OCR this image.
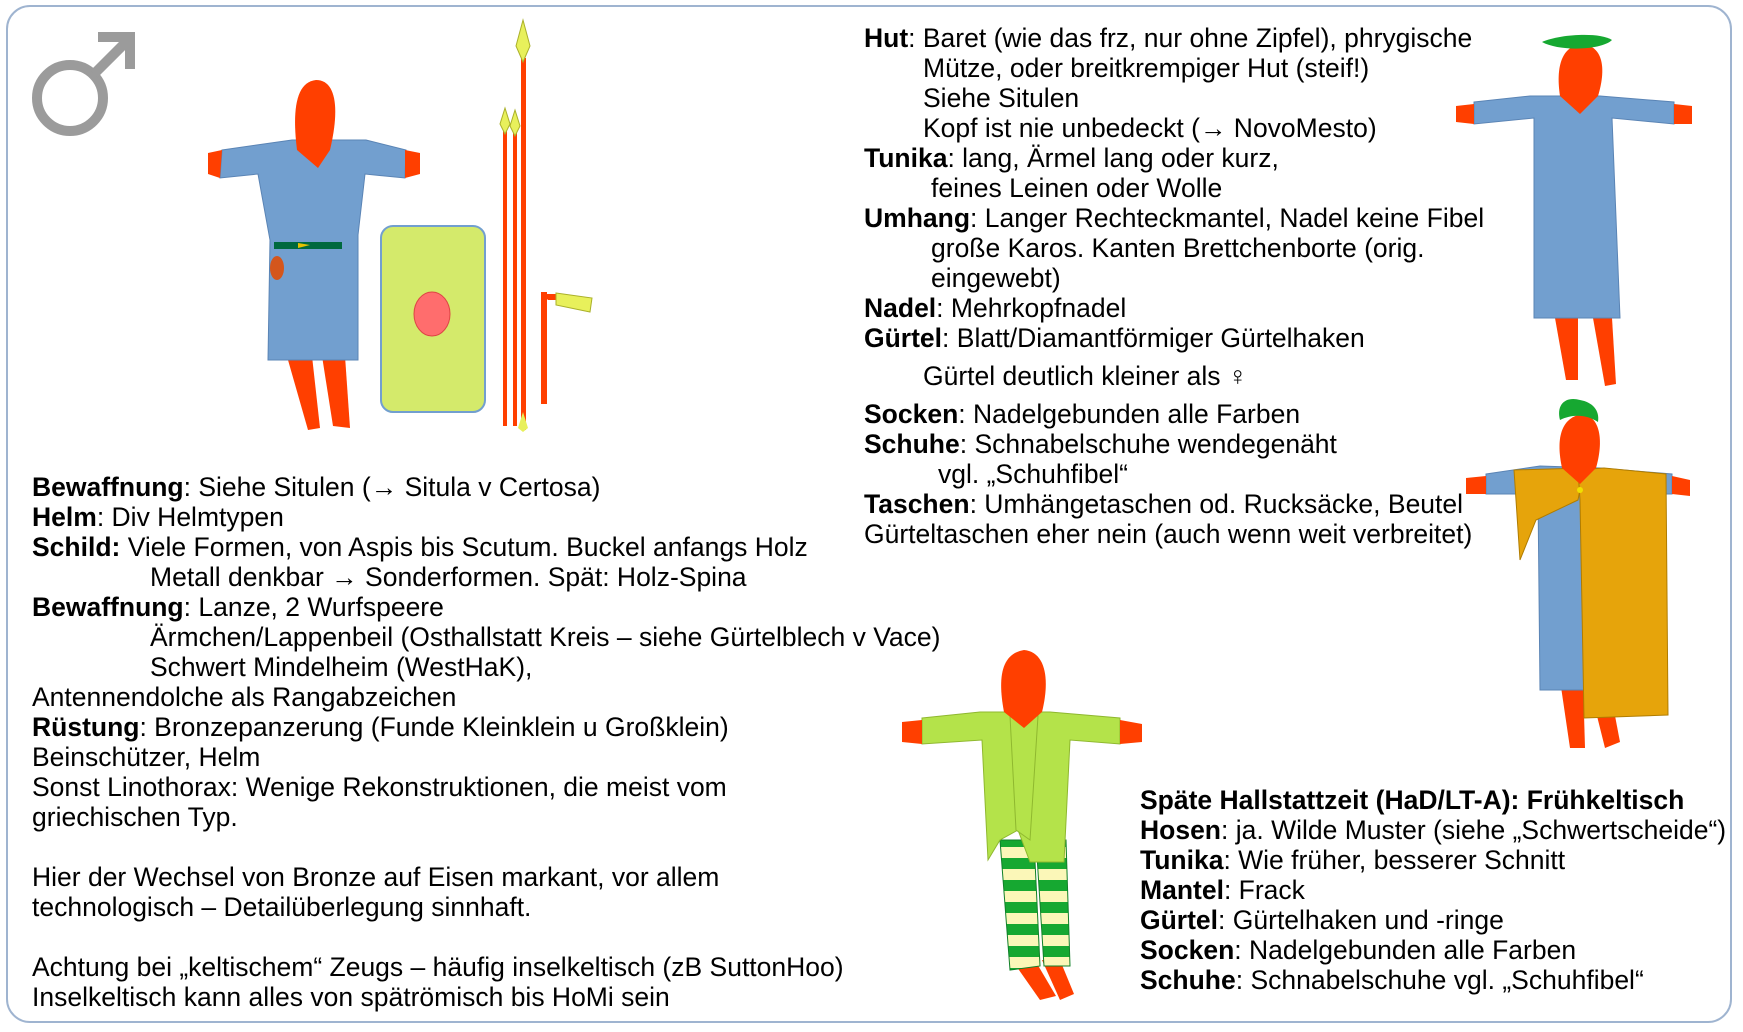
Hut: Baret (wie das frz, nur ohne Zipfel), phrygische
Mütze, oder breitkrempiger Hut (steif!)
Siehe Situlen
Kopf ist nie unbedeckt (→ NovoMesto)
Tunika: lang, Ärmel lang oder kurz,
feines Leinen oder Wolle
Umhang: Langer Rechteckmantel, Nadel keine Fibel
große Karos. Kanten Brettchenborte (orig.
eingewebt)
Nadel: Mehrkopfnadel
Gürtel: Blatt/Diamantförmiger Gürtelhaken
Gürtel deutlich kleiner als ♀
Socken: Nadelgebunden alle Farben
Schuhe: Schnabelschuhe wendegenäht
vgl. „Schuhfibel“
Taschen: Umhängetaschen od. Rucksäcke, Beutel
Gürteltaschen eher nein (auch wenn weit verbreitet)
Bewaffnung: Siehe Situlen (→ Situla v Certosa)
Helm: Div Helmtypen
Schild: Viele Formen, von Aspis bis Scutum. Buckel anfangs Holz
Metall denkbar → Sonderformen. Spät: Holz-Spina
Bewaffnung: Lanze, 2 Wurfspeere
Ärmchen/Lappenbeil (Osthallstatt Kreis – siehe Gürtelblech v Vace)
Schwert Mindelheim (WestHaK),
Antennendolche als Rangabzeichen
Rüstung: Bronzepanzerung (Funde Kleinklein u Großklein)
Beinschützer, Helm
Sonst Linothorax: Wenige Rekonstruktionen, die meist vom
griechischen Typ.
Hier der Wechsel von Bronze auf Eisen markant, vor allem
technologisch – Detailüberlegung sinnhaft.
Achtung bei „keltischem“ Zeugs – häufig inselkeltisch (zB SuttonHoo)
Inselkeltisch kann alles von spätrömisch bis HoMi sein
Späte Hallstattzeit (HaD/LT-A): Frühkeltisch
Hosen: ja. Wilde Muster (siehe „Schwertscheide“)
Tunika: Wie früher, besserer Schnitt
Mantel: Frack
Gürtel: Gürtelhaken und -ringe
Socken: Nadelgebunden alle Farben
Schuhe: Schnabelschuhe vgl. „Schuhfibel“
